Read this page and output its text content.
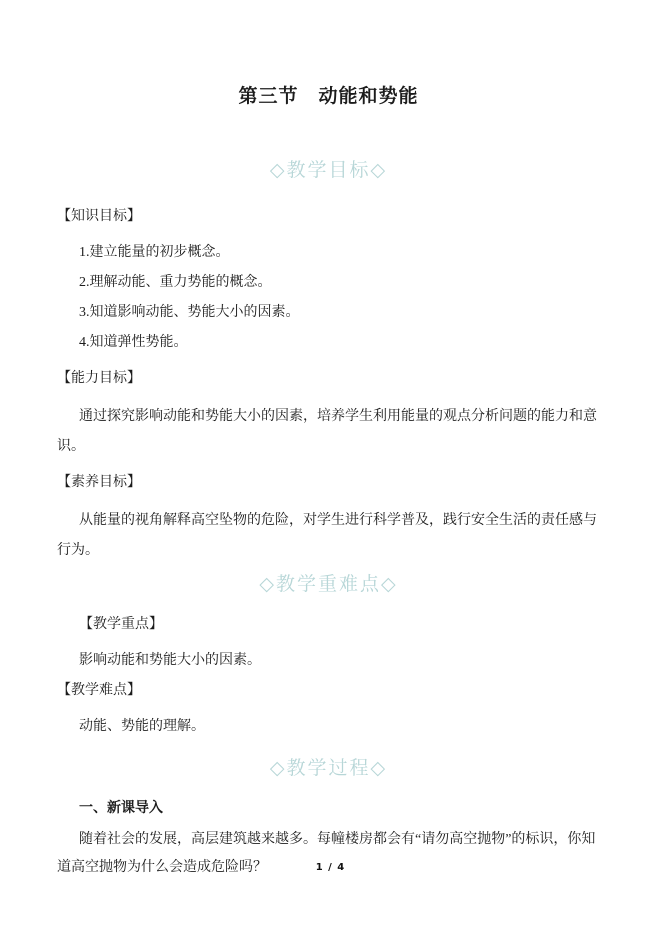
第三节　动能和势能

◇教学目标◇

【知识目标】

1.建立能量的初步概念。

2.理解动能、重力势能的概念。

3.知道影响动能、势能大小的因素。

4.知道弹性势能。

【能力目标】

通过探究影响动能和势能大小的因素，培养学生利用能量的观点分析问题的能力和意识。

【素养目标】

从能量的视角解释高空坠物的危险，对学生进行科学普及，践行安全生活的责任感与行为。

◇教学重难点◇

【教学重点】

影响动能和势能大小的因素。

【教学难点】

动能、势能的理解。

◇教学过程◇

一、新课导入

随着社会的发展，高层建筑越来越多。每幢楼房都会有“请勿高空抛物”的标识，你知道高空抛物为什么会造成危险吗？	1 / 4
